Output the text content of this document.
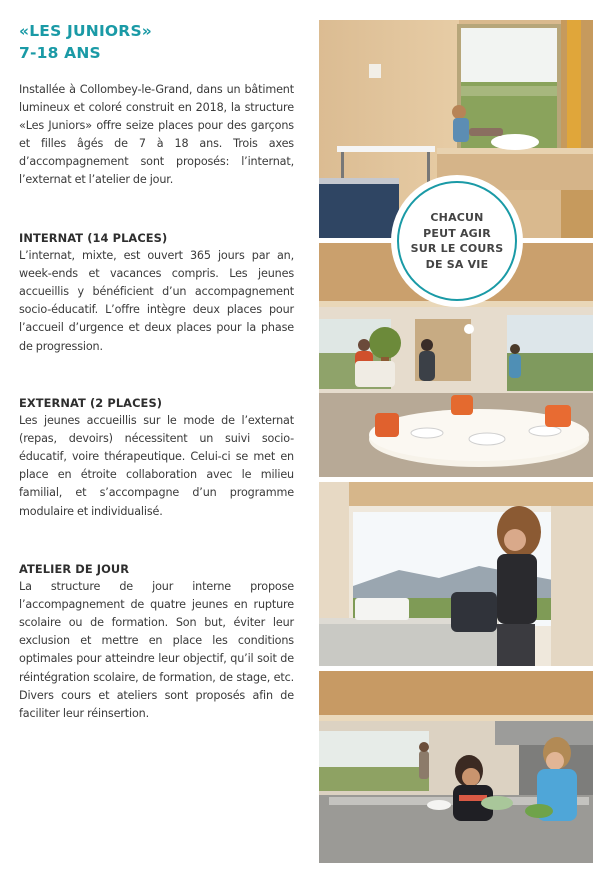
«LES JUNIORS»
7-18 ANS

Installée à Collombey-le-Grand, dans un bâtiment lumineux et coloré construit en 2018, la structure «Les Juniors» offre seize places pour des garçons et filles âgés de 7 à 18 ans. Trois axes d’accompagnement sont proposés: l’internat, l’externat et l’atelier de jour.

INTERNAT (14 PLACES)

L’internat, mixte, est ouvert 365 jours par an, week-ends et vacances compris. Les jeunes accueillis y bénéficient d’un accompagnement socio-éducatif. L’offre intègre deux places pour l’accueil d’urgence et deux places pour la phase de progression.

EXTERNAT (2 PLACES)

Les jeunes accueillis sur le mode de l’externat (repas, devoirs) nécessitent un suivi socio-éducatif, voire thérapeutique. Celui-ci se met en place en étroite collaboration avec le milieu familial, et s’accompagne d’un programme modulaire et individualisé.

ATELIER DE JOUR

La structure de jour interne propose l’accompagnement de quatre jeunes en rupture scolaire ou de formation. Son but, éviter leur exclusion et mettre en place les conditions optimales pour atteindre leur objectif, qu’il soit de réintégration scolaire, de formation, de stage, etc. Divers cours et ateliers sont proposés afin de faciliter leur réinsertion.

CHACUN
PEUT AGIR
SUR LE COURS
DE SA VIE
